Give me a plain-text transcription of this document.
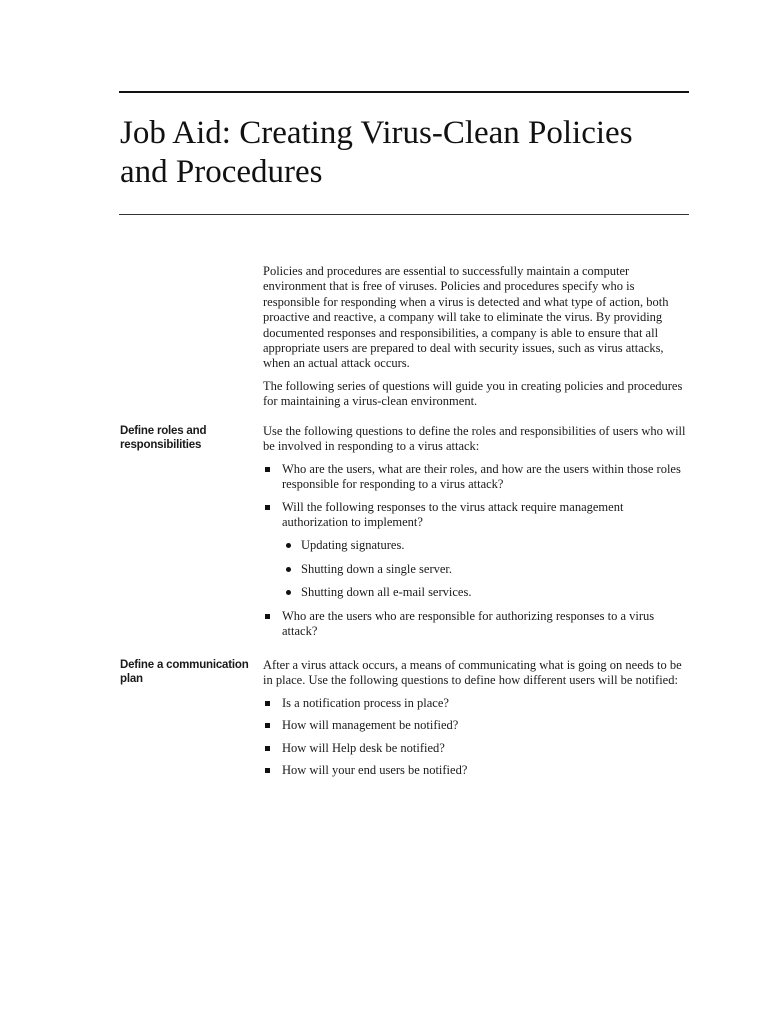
Job Aid: Creating Virus-Clean Policies
and Procedures

Policies and procedures are essential to successfully maintain a computer environment that is free of viruses. Policies and procedures specify who is responsible for responding when a virus is detected and what type of action, both proactive and reactive, a company will take to eliminate the virus. By providing documented responses and responsibilities, a company is able to ensure that all appropriate users are prepared to deal with security issues, such as virus attacks, when an actual attack occurs.

The following series of questions will guide you in creating policies and procedures for maintaining a virus-clean environment.

Define roles and responsibilities

Use the following questions to define the roles and responsibilities of users who will be involved in responding to a virus attack:

Who are the users, what are their roles, and how are the users within those roles responsible for responding to a virus attack?
Will the following responses to the virus attack require management authorization to implement?
Updating signatures.
Shutting down a single server.
Shutting down all e-mail services.
Who are the users who are responsible for authorizing responses to a virus attack?
Define a communication plan

After a virus attack occurs, a means of communicating what is going on needs to be in place. Use the following questions to define how different users will be notified:

Is a notification process in place?
How will management be notified?
How will Help desk be notified?
How will your end users be notified?
